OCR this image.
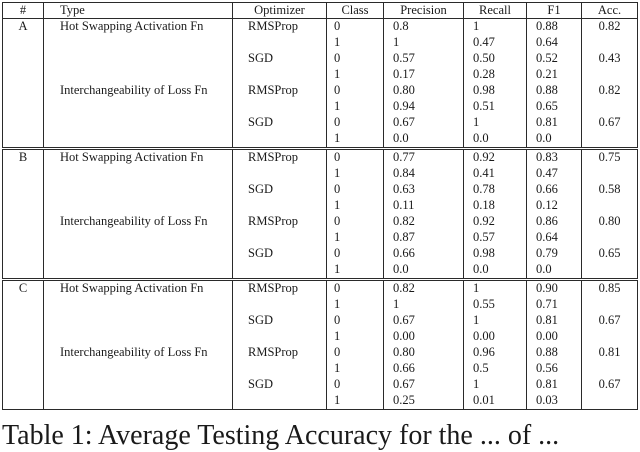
#	Type	Optimizer	Class	Precision	Recall	F1	Acc.
A	Hot Swapping Activation Fn	RMSProp	0	0.8	1	0.88	0.82
			1	1	0.47	0.64	
		SGD	0	0.57	0.50	0.52	0.43
			1	0.17	0.28	0.21	
	Interchangeability of Loss Fn	RMSProp	0	0.80	0.98	0.88	0.82
			1	0.94	0.51	0.65	
		SGD	0	0.67	1	0.81	0.67
			1	0.0	0.0	0.0	
B	Hot Swapping Activation Fn	RMSProp	0	0.77	0.92	0.83	0.75
			1	0.84	0.41	0.47	
		SGD	0	0.63	0.78	0.66	0.58
			1	0.11	0.18	0.12	
	Interchangeability of Loss Fn	RMSProp	0	0.82	0.92	0.86	0.80
			1	0.87	0.57	0.64	
		SGD	0	0.66	0.98	0.79	0.65
			1	0.0	0.0	0.0	
C	Hot Swapping Activation Fn	RMSProp	0	0.82	1	0.90	0.85
			1	1	0.55	0.71	
		SGD	0	0.67	1	0.81	0.67
			1	0.00	0.00	0.00	
	Interchangeability of Loss Fn	RMSProp	0	0.80	0.96	0.88	0.81
			1	0.66	0.5	0.56	
		SGD	0	0.67	1	0.81	0.67
			1	0.25	0.01	0.03	
Table 1: Average Testing Accuracy for the ... of ...
